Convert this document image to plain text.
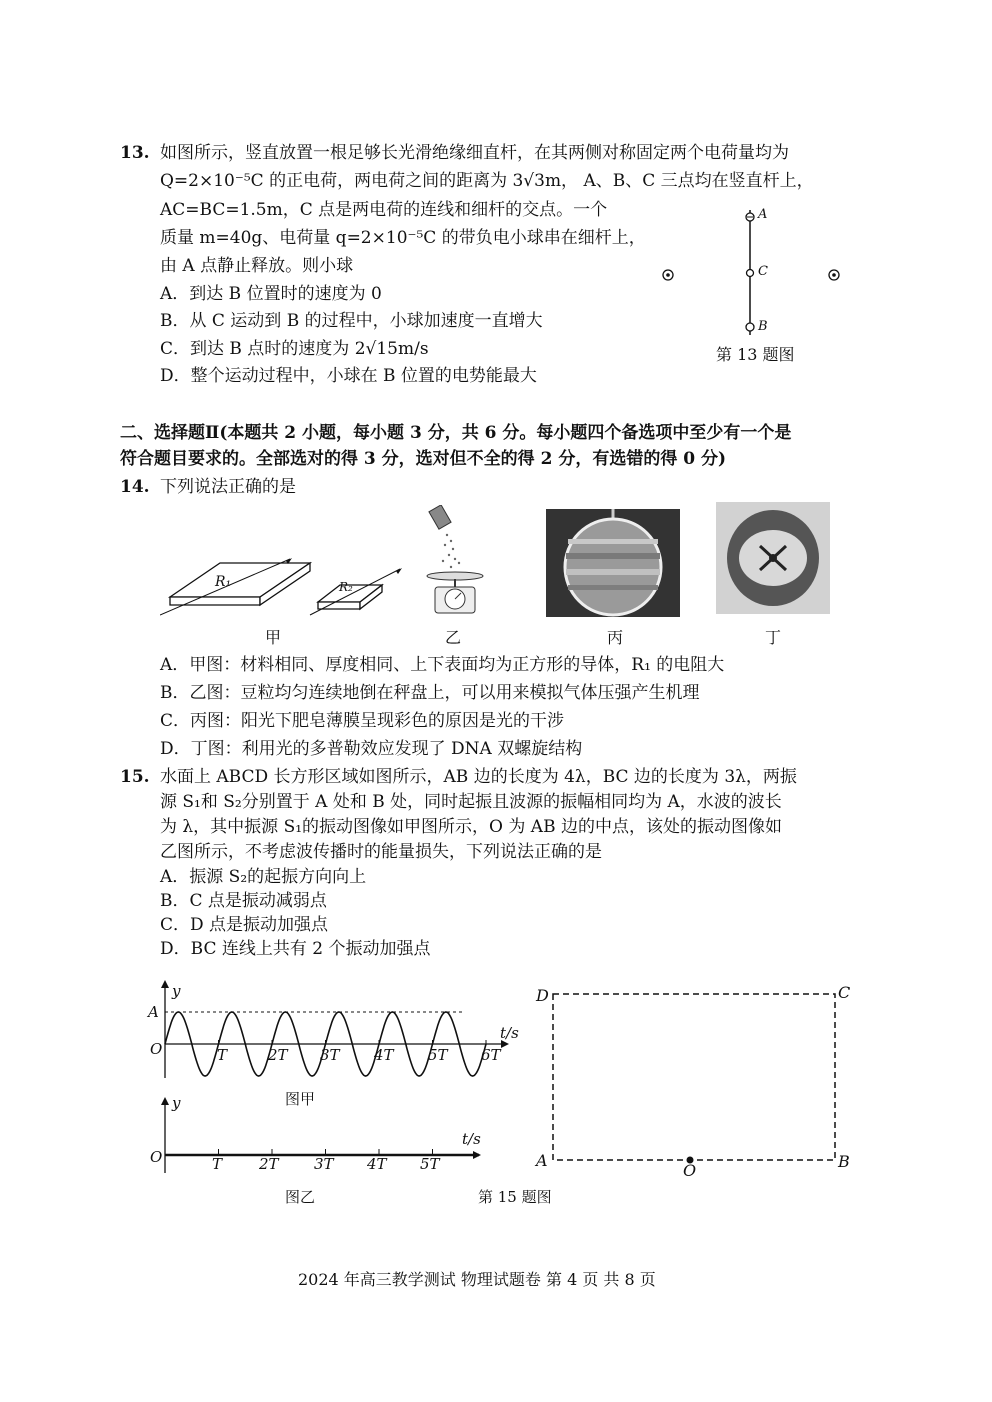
13. 如图所示，竖直放置一根足够长光滑绝缘细直杆，在其两侧对称固定两个电荷量均为
Q=2×10⁻⁵C 的正电荷，两电荷之间的距离为 3√3m， A、B、C 三点均在竖直杆上，
AC=BC=1.5m，C 点是两电荷的连线和细杆的交点。一个
质量 m=40g、电荷量 q=2×10⁻⁵C 的带负电小球串在细杆上，
由 A 点静止释放。则小球
A．到达 B 位置时的速度为 0
B．从 C 运动到 B 的过程中，小球加速度一直增大
C．到达 B 点时的速度为 2√15m/s
D．整个运动过程中，小球在 B 位置的电势能最大
A
C
B
第 13 题图
二、选择题Ⅱ(本题共 2 小题，每小题 3 分，共 6 分。每小题四个备选项中至少有一个是
符合题目要求的。全部选对的得 3 分，选对但不全的得 2 分，有选错的得 0 分)
14. 下列说法正确的是
R₁	R₂
甲	乙	丙	丁
A．甲图：材料相同、厚度相同、上下表面均为正方形的导体，R₁ 的电阻大
B．乙图：豆粒均匀连续地倒在秤盘上，可以用来模拟气体压强产生机理
C．丙图：阳光下肥皂薄膜呈现彩色的原因是光的干涉
D．丁图：利用光的多普勒效应发现了 DNA 双螺旋结构
15. 水面上 ABCD 长方形区域如图所示，AB 边的长度为 4λ，BC 边的长度为 3λ，两振
源 S₁和 S₂分别置于 A 处和 B 处，同时起振且波源的振幅相同均为 A，水波的波长
为 λ，其中振源 S₁的振动图像如甲图所示，O 为 AB 边的中点，该处的振动图像如
乙图所示，不考虑波传播时的能量损失，下列说法正确的是
A．振源 S₂的起振方向向上
B．C 点是振动减弱点
C．D 点是振动加强点
D．BC 连线上共有 2 个振动加强点
y
A
O
t/s
T	2T 3T 4T 5T 6T
图甲
y
O
t/s
T 2T 3T 4T 5T
图乙
D	C
A	B
O
第 15 题图
2024 年高三教学测试 物理试题卷 第 4 页 共 8 页
